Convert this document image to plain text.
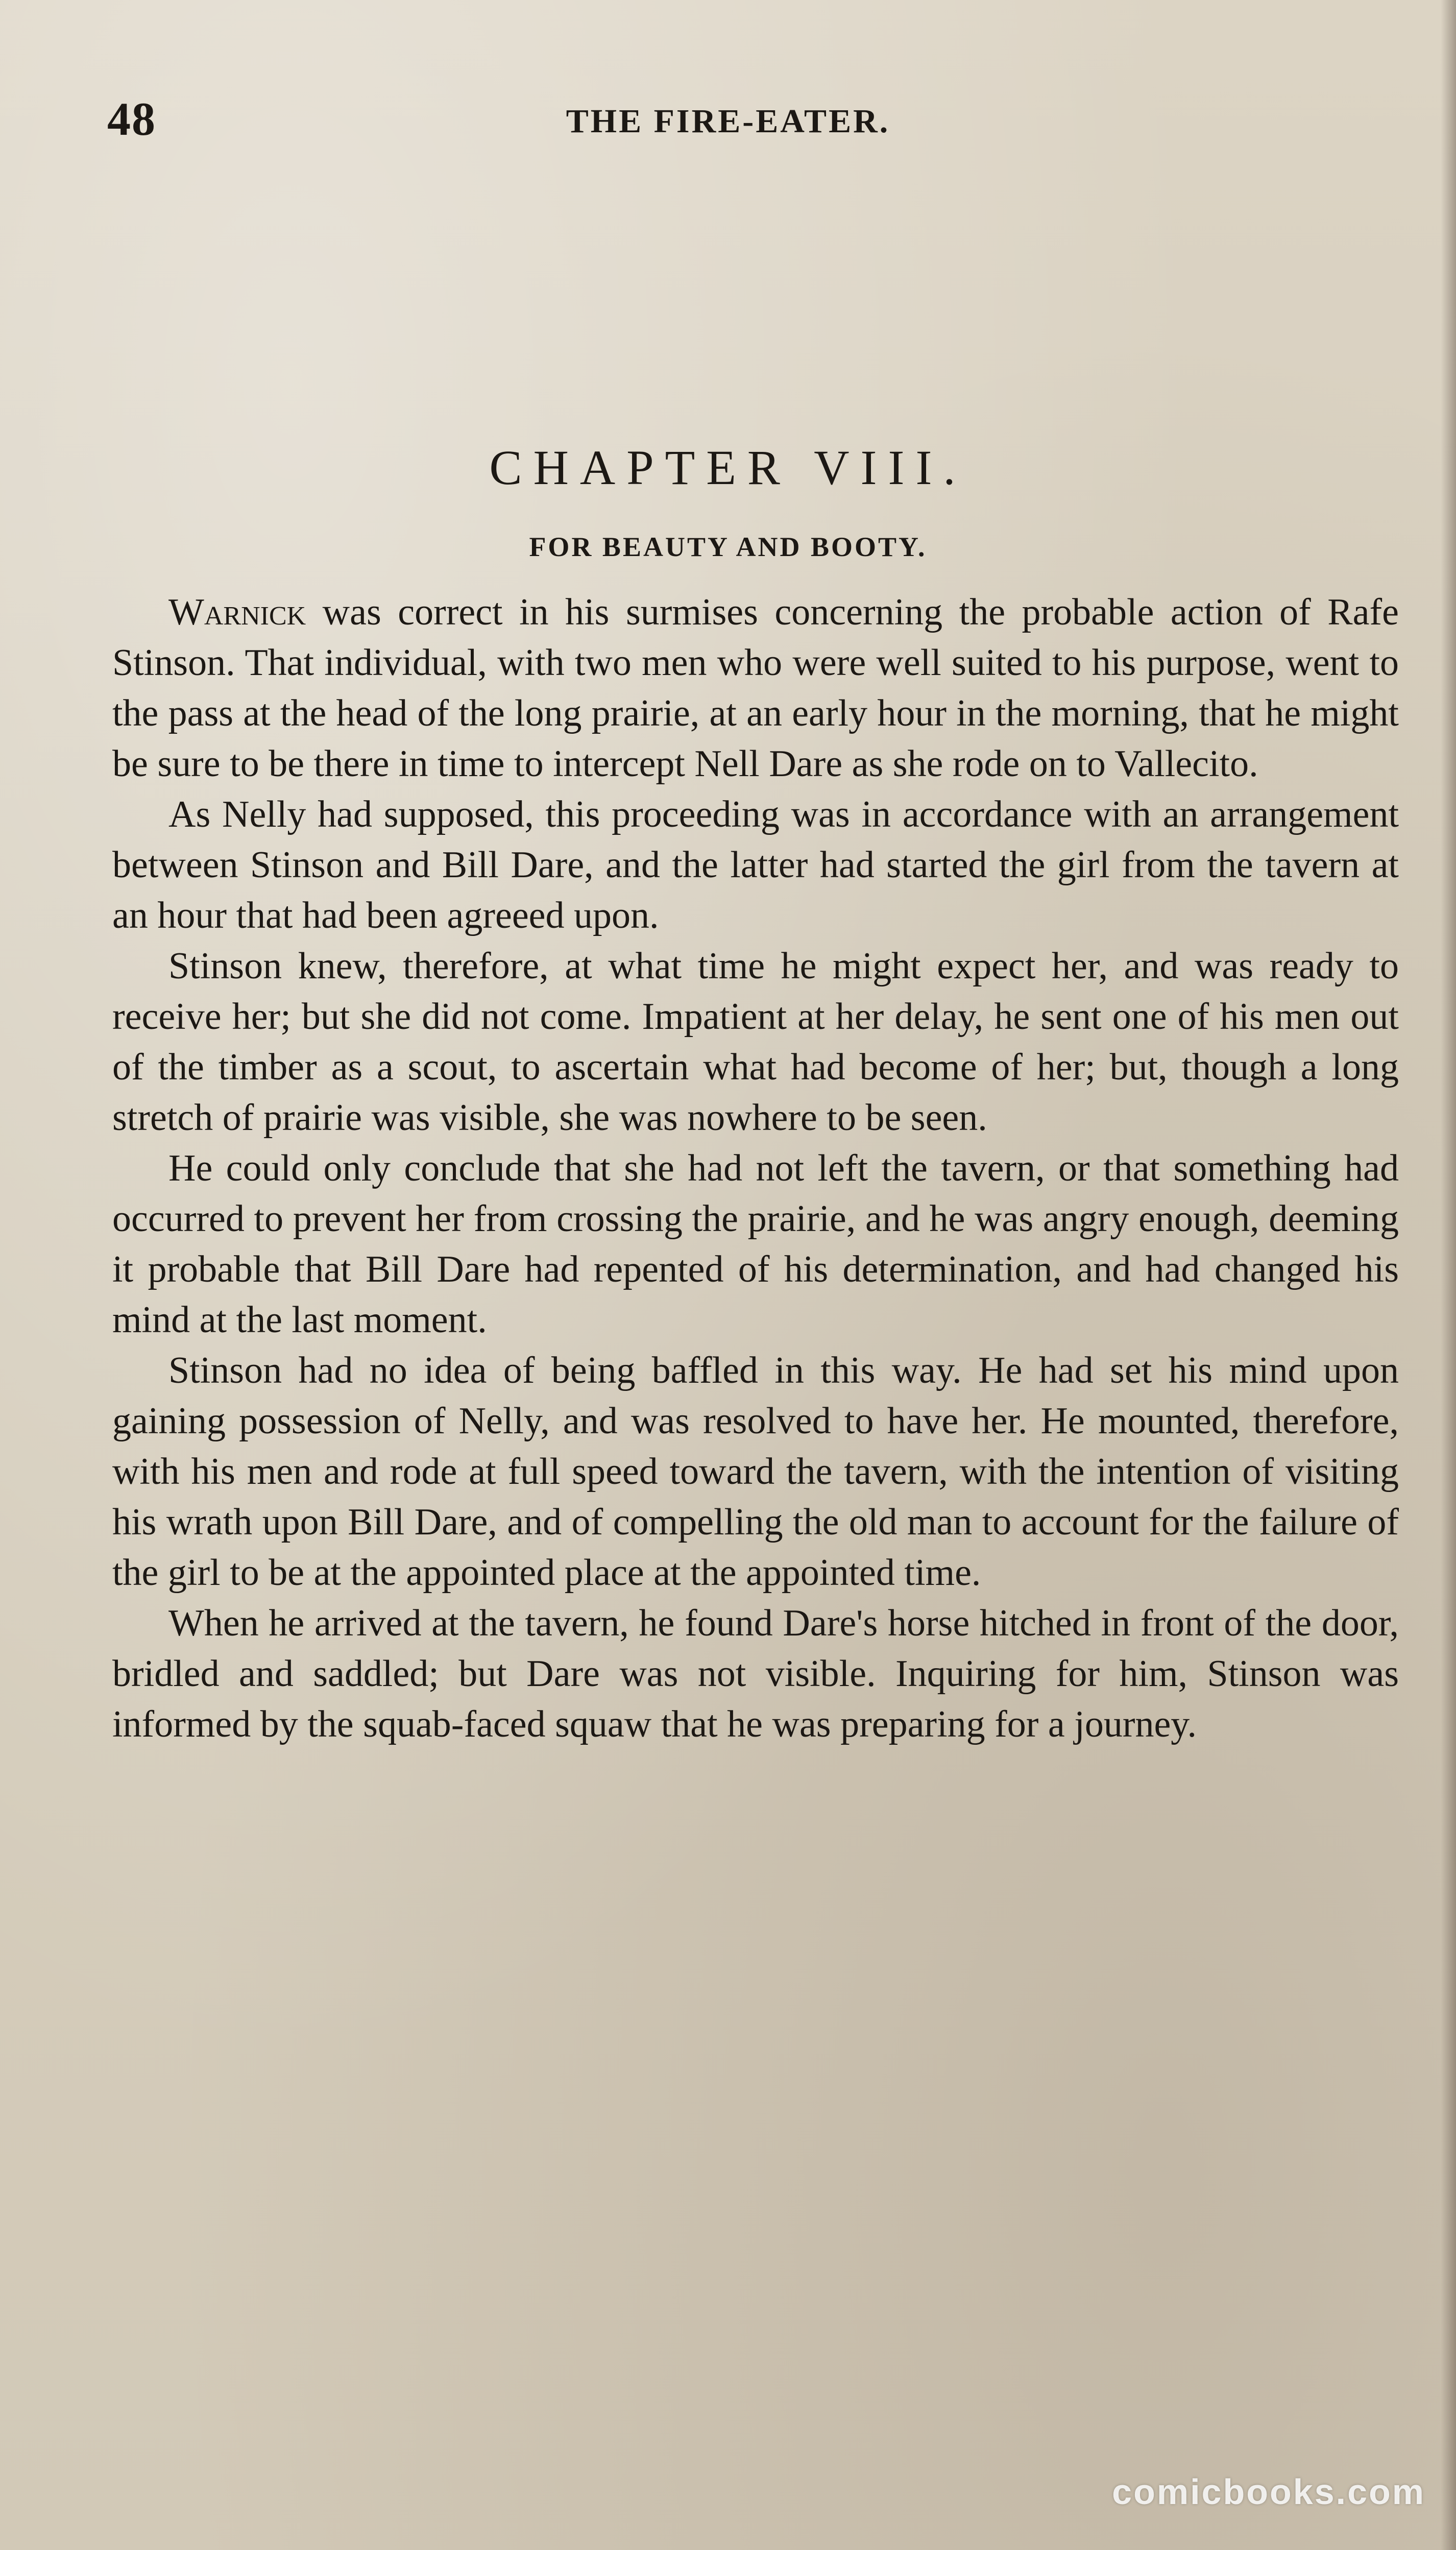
48	THE FIRE-EATER.
CHAPTER VIII.
FOR BEAUTY AND BOOTY.

Warnick was correct in his surmises concerning the probable action of Rafe Stinson. That individual, with two men who were well suited to his purpose, went to the pass at the head of the long prairie, at an early hour in the morning, that he might be sure to be there in time to intercept Nell Dare as she rode on to Vallecito.

As Nelly had supposed, this proceeding was in accordance with an arrangement between Stinson and Bill Dare, and the latter had started the girl from the tavern at an hour that had been agreeed upon.

Stinson knew, therefore, at what time he might expect her, and was ready to receive her; but she did not come. Impatient at her delay, he sent one of his men out of the timber as a scout, to ascertain what had become of her; but, though a long stretch of prairie was visible, she was nowhere to be seen.

He could only conclude that she had not left the tavern, or that something had occurred to prevent her from crossing the prairie, and he was angry enough, deeming it probable that Bill Dare had repented of his determination, and had changed his mind at the last moment.

Stinson had no idea of being baffled in this way. He had set his mind upon gaining possession of Nelly, and was resolved to have her. He mounted, therefore, with his men and rode at full speed toward the tavern, with the intention of visiting his wrath upon Bill Dare, and of compelling the old man to account for the failure of the girl to be at the appointed place at the appointed time.

When he arrived at the tavern, he found Dare's horse hitched in front of the door, bridled and saddled; but Dare was not visible. Inquiring for him, Stinson was informed by the squab-faced squaw that he was preparing for a journey.

comicbooks.com
